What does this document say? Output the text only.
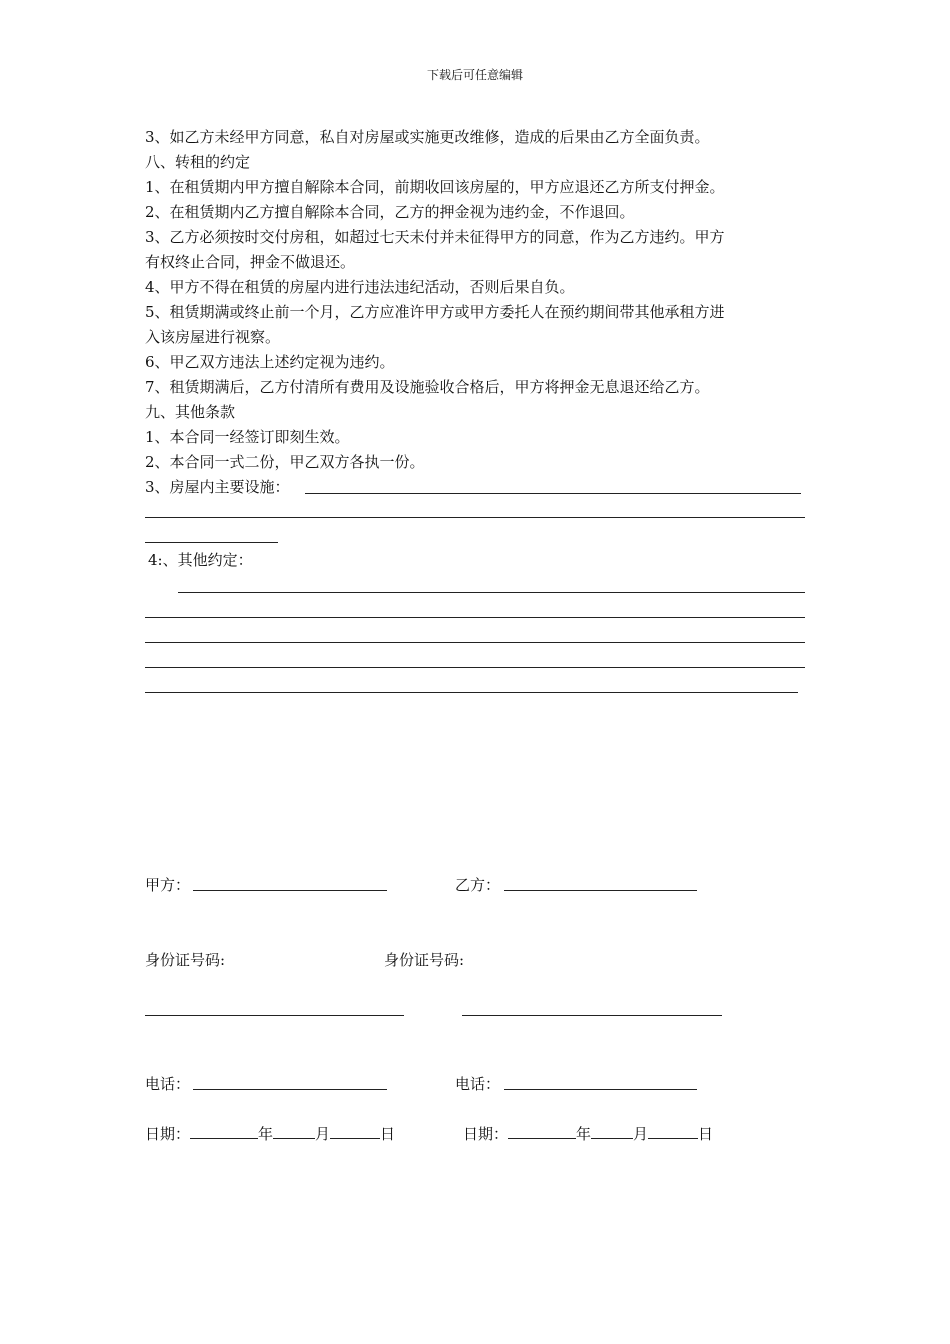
下载后可任意编辑
3、如乙方未经甲方同意，私自对房屋或实施更改维修，造成的后果由乙方全面负责。
八、转租的约定
1、在租赁期内甲方擅自解除本合同，前期收回该房屋的，甲方应退还乙方所支付押金。
2、在租赁期内乙方擅自解除本合同，乙方的押金视为违约金，不作退回。
3、乙方必须按时交付房租，如超过七天未付并未征得甲方的同意，作为乙方违约。甲方
有权终止合同，押金不做退还。
4、甲方不得在租赁的房屋内进行违法违纪活动，否则后果自负。
5、租赁期满或终止前一个月，乙方应准许甲方或甲方委托人在预约期间带其他承租方进
入该房屋进行视察。
6、甲乙双方违法上述约定视为违约。
7、租赁期满后，乙方付清所有费用及设施验收合格后，甲方将押金无息退还给乙方。
九、其他条款
1、本合同一经签订即刻生效。
2、本合同一式二份，甲乙双方各执一份。
3、房屋内主要设施：
4:、其他约定：
甲方：	乙方：
身份证号码:	身份证号码:
电话：	电话：
日期：	年	月	日	日期：	年	月	日
